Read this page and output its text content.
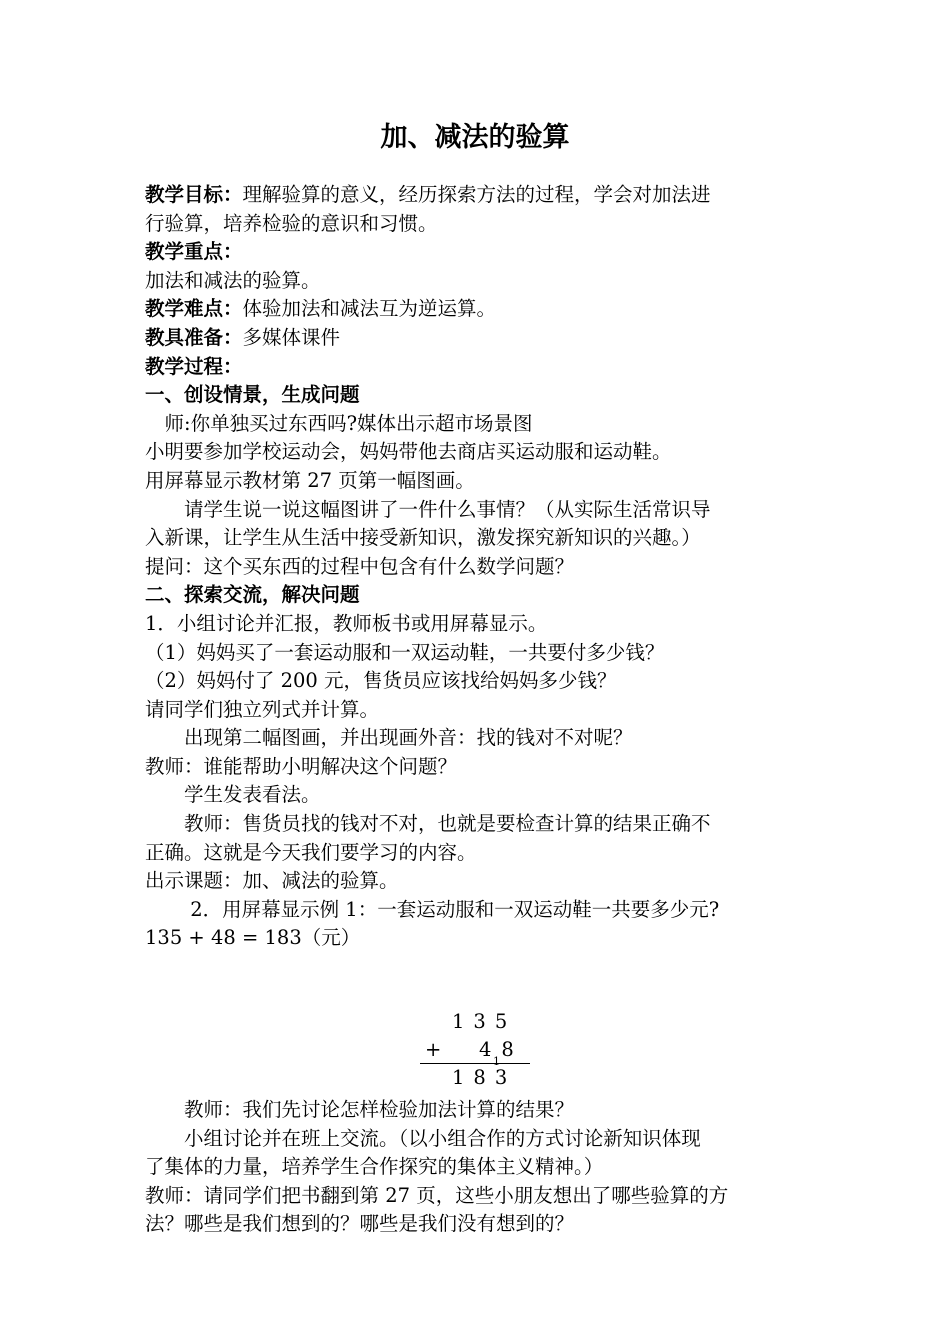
加、减法的验算

教学目标：理解验算的意义，经历探索方法的过程，学会对加法进

行验算，培养检验的意识和习惯。

教学重点：

加法和减法的验算。

教学难点：体验加法和减法互为逆运算。

教具准备：多媒体课件

教学过程：

一、创设情景，生成问题

　师:你单独买过东西吗?媒体出示超市场景图

小明要参加学校运动会，妈妈带他去商店买运动服和运动鞋。

用屏幕显示教材第 27 页第一幅图画。

　　请学生说一说这幅图讲了一件什么事情？（从实际生活常识导

入新课，让学生从生活中接受新知识，激发探究新知识的兴趣。）

提问：这个买东西的过程中包含有什么数学问题？

二、探索交流，解决问题

1．小组讨论并汇报，教师板书或用屏幕显示。

（1）妈妈买了一套运动服和一双运动鞋，一共要付多少钱？

（2）妈妈付了 200 元，售货员应该找给妈妈多少钱？

请同学们独立列式并计算。

　　出现第二幅图画，并出现画外音：找的钱对不对呢？

教师：谁能帮助小明解决这个问题？

　　学生发表看法。

　　教师：售货员找的钱对不对，也就是要检查计算的结果正确不

正确。这就是今天我们要学习的内容。

出示课题：加、减法的验算。

　　 2．用屏幕显示例 1：一套运动服和一双运动鞋一共要多少元?

135 + 48 = 183（元）

135
+ 4 8
1
183

　　教师：我们先讨论怎样检验加法计算的结果？

　　小组讨论并在班上交流。（以小组合作的方式讨论新知识体现

了集体的力量，培养学生合作探究的集体主义精神。）

教师：请同学们把书翻到第 27 页，这些小朋友想出了哪些验算的方

法？哪些是我们想到的？哪些是我们没有想到的？
